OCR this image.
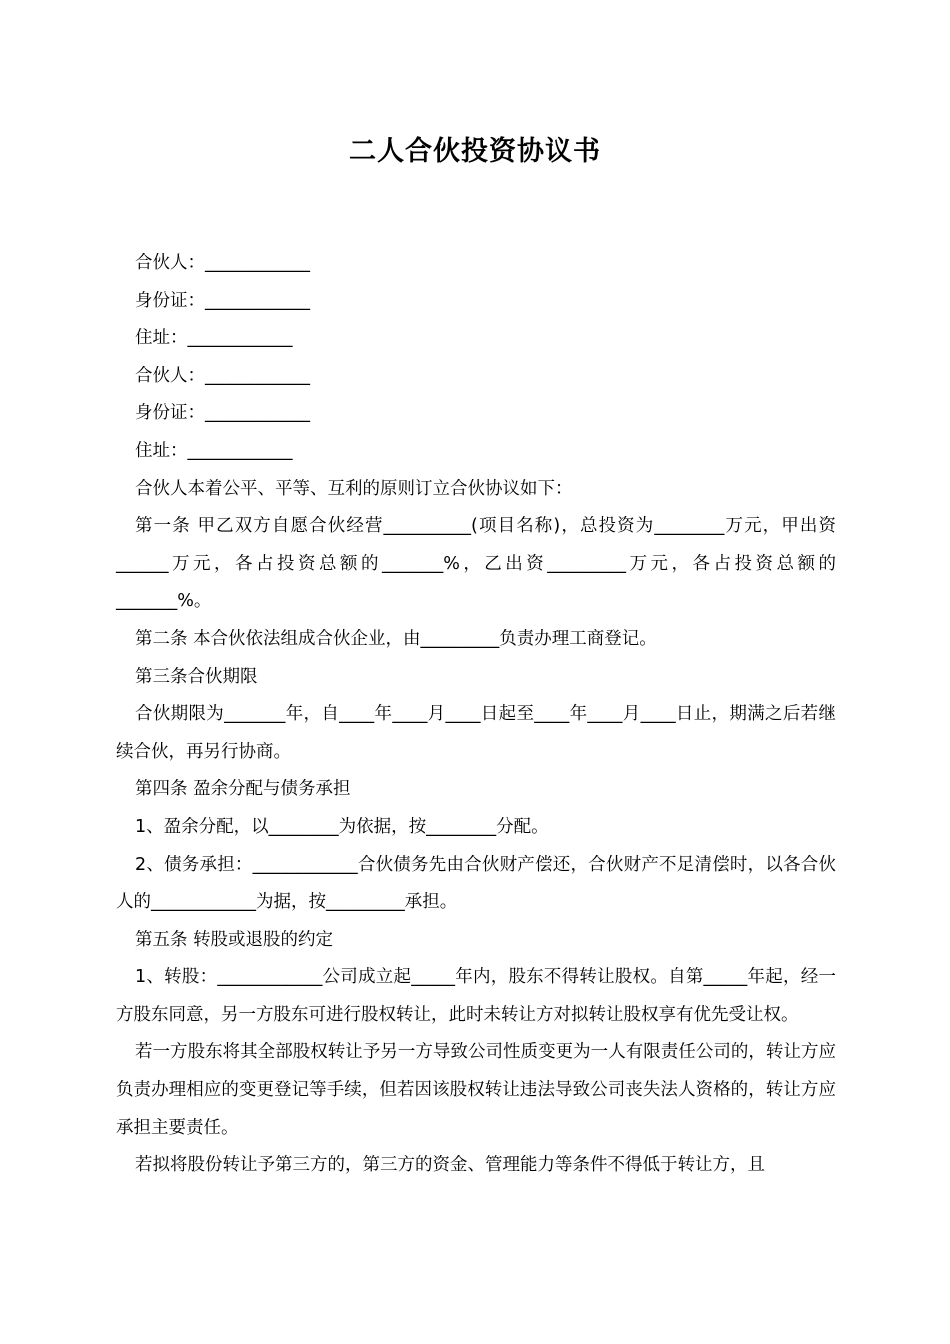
二人合伙投资协议书

合伙人：____________

身份证：____________

住址：____________

合伙人：____________

身份证：____________

住址：____________

合伙人本着公平、平等、互利的原则订立合伙协议如下：

第一条 甲乙双方自愿合伙经营__________(项目名称)，总投资为________万元，甲出资______万元，各占投资总额的_______%，乙出资_________万元，各占投资总额的_______%。

第二条 本合伙依法组成合伙企业，由_________负责办理工商登记。

第三条合伙期限

合伙期限为_______年，自____年____月____日起至____年____月____日止，期满之后若继续合伙，再另行协商。

第四条 盈余分配与债务承担

1、盈余分配，以________为依据，按________分配。

2、债务承担：____________合伙债务先由合伙财产偿还，合伙财产不足清偿时，以各合伙人的____________为据，按_________承担。

第五条 转股或退股的约定

1、转股：____________公司成立起_____年内，股东不得转让股权。自第_____年起，经一方股东同意，另一方股东可进行股权转让，此时未转让方对拟转让股权享有优先受让权。

若一方股东将其全部股权转让予另一方导致公司性质变更为一人有限责任公司的，转让方应负责办理相应的变更登记等手续，但若因该股权转让违法导致公司丧失法人资格的，转让方应承担主要责任。

若拟将股份转让予第三方的，第三方的资金、管理能力等条件不得低于转让方，且
